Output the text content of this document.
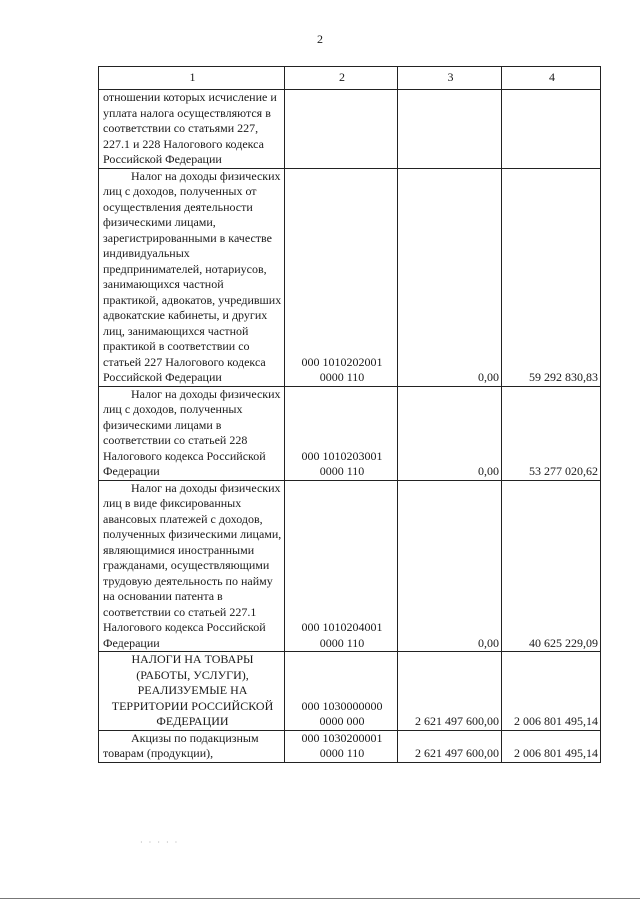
2
1	2	3	4
отношении которых исчисление и уплата налога осуществляются в соответствии со статьями 227, 227.1 и 228 Налогового кодекса Российской Федерации			
Налог на доходы физических лиц с доходов, полученных от осуществления деятельности физическими лицами, зарегистрированными в качестве индивидуальных предпринимателей, нотариусов, занимающихся частной практикой, адвокатов, учредивших адвокатские кабинеты, и других лиц, занимающихся частной практикой в соответствии со статьей 227 Налогового кодекса Российской Федерации	000 1010202001 0000 110	0,00	59 292 830,83
Налог на доходы физических лиц с доходов, полученных физическими лицами в соответствии со статьей 228 Налогового кодекса Российской Федерации	000 1010203001 0000 110	0,00	53 277 020,62
Налог на доходы физических лиц в виде фиксированных авансовых платежей с доходов, полученных физическими лицами, являющимися иностранными гражданами, осуществляющими трудовую деятельность по найму на основании патента в соответствии со статьей 227.1 Налогового кодекса Российской Федерации	000 1010204001 0000 110	0,00	40 625 229,09
НАЛОГИ НА ТОВАРЫ (РАБОТЫ, УСЛУГИ), РЕАЛИЗУЕМЫЕ НА ТЕРРИТОРИИ РОССИЙСКОЙ ФЕДЕРАЦИИ	000 1030000000 0000 000	2 621 497 600,00	2 006 801 495,14
Акцизы по подакцизным товарам (продукции),	000 1030200001 0000 110	2 621 497 600,00	2 006 801 495,14
· · · · ·
